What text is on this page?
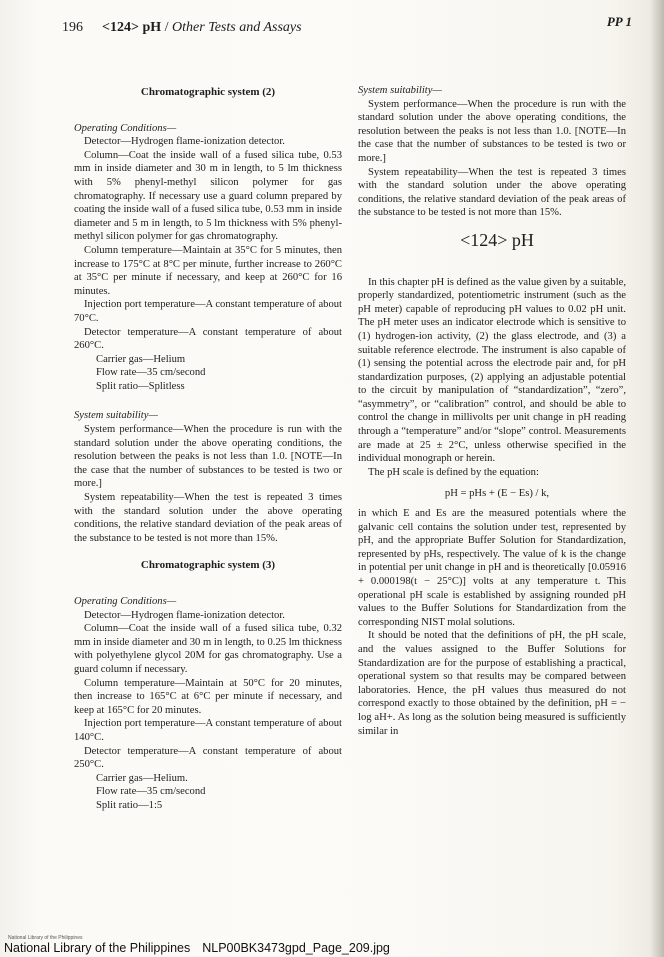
196 <124> pH / Other Tests and Assays	PP 1

Chromatographic system (2)

Operating Conditions—

Detector—Hydrogen flame-ionization detector.

Column—Coat the inside wall of a fused silica tube, 0.53 mm in inside diameter and 30 m in length, to 5 lm thickness with 5% phenyl-methyl silicon polymer for gas chromatography. If necessary use a guard column prepared by coating the inside wall of a fused silica tube, 0.53 mm in inside diameter and 5 m in length, to 5 lm thickness with 5% phenyl-methyl silicon polymer for gas chromatography.

Column temperature—Maintain at 35°C for 5 minutes, then increase to 175°C at 8°C per minute, further increase to 260°C at 35°C per minute if necessary, and keep at 260°C for 16 minutes.

Injection port temperature—A constant temperature of about 70°C.

Detector temperature—A constant temperature of about 260°C.

Carrier gas—Helium

Flow rate—35 cm/second

Split ratio—Splitless

System suitability—

System performance—When the procedure is run with the standard solution under the above operating conditions, the resolution between the peaks is not less than 1.0. [NOTE—In the case that the number of substances to be tested is two or more.]

System repeatability—When the test is repeated 3 times with the standard solution under the above operating conditions, the relative standard deviation of the peak areas of the substance to be tested is not more than 15%.

Chromatographic system (3)

Operating Conditions—

Detector—Hydrogen flame-ionization detector.

Column—Coat the inside wall of a fused silica tube, 0.32 mm in inside diameter and 30 m in length, to 0.25 lm thickness with polyethylene glycol 20M for gas chromatography. Use a guard column if necessary.

Column temperature—Maintain at 50°C for 20 minutes, then increase to 165°C at 6°C per minute if necessary, and keep at 165°C for 20 minutes.

Injection port temperature—A constant temperature of about 140°C.

Detector temperature—A constant temperature of about 250°C.

Carrier gas—Helium.

Flow rate—35 cm/second

Split ratio—1:5

System suitability—

System performance—When the procedure is run with the standard solution under the above operating conditions, the resolution between the peaks is not less than 1.0. [NOTE—In the case that the number of substances to be tested is two or more.]

System repeatability—When the test is repeated 3 times with the standard solution under the above operating conditions, the relative standard deviation of the peak areas of the substance to be tested is not more than 15%.

<124> pH

In this chapter pH is defined as the value given by a suitable, properly standardized, potentiometric instrument (such as the pH meter) capable of reproducing pH values to 0.02 pH unit. The pH meter uses an indicator electrode which is sensitive to (1) hydrogen-ion activity, (2) the glass electrode, and (3) a suitable reference electrode. The instrument is also capable of (1) sensing the potential across the electrode pair and, for pH standardization purposes, (2) applying an adjustable potential to the circuit by manipulation of “standardization”, “zero”, “asymmetry”, or “calibration” control, and should be able to control the change in millivolts per unit change in pH reading through a “temperature” and/or “slope” control. Measurements are made at 25 ± 2°C, unless otherwise specified in the individual monograph or herein.

The pH scale is defined by the equation:

pH = pHs + (E − Es) / k,

in which E and Es are the measured potentials where the galvanic cell contains the solution under test, represented by pH, and the appropriate Buffer Solution for Standardization, represented by pHs, respectively. The value of k is the change in potential per unit change in pH and is theoretically [0.05916 + 0.000198(t − 25°C)] volts at any temperature t. This operational pH scale is established by assigning rounded pH values to the Buffer Solutions for Standardization from the corresponding NIST molal solutions.

It should be noted that the definitions of pH, the pH scale, and the values assigned to the Buffer Solutions for Standardization are for the purpose of establishing a practical, operational system so that results may be compared between laboratories. Hence, the pH values thus measured do not correspond exactly to those obtained by the definition, pH = − log aH+. As long as the solution being measured is sufficiently similar in

National Library of the Philippines
National Library of the Philippines NLP00BK3473gpd_Page_209.jpg
